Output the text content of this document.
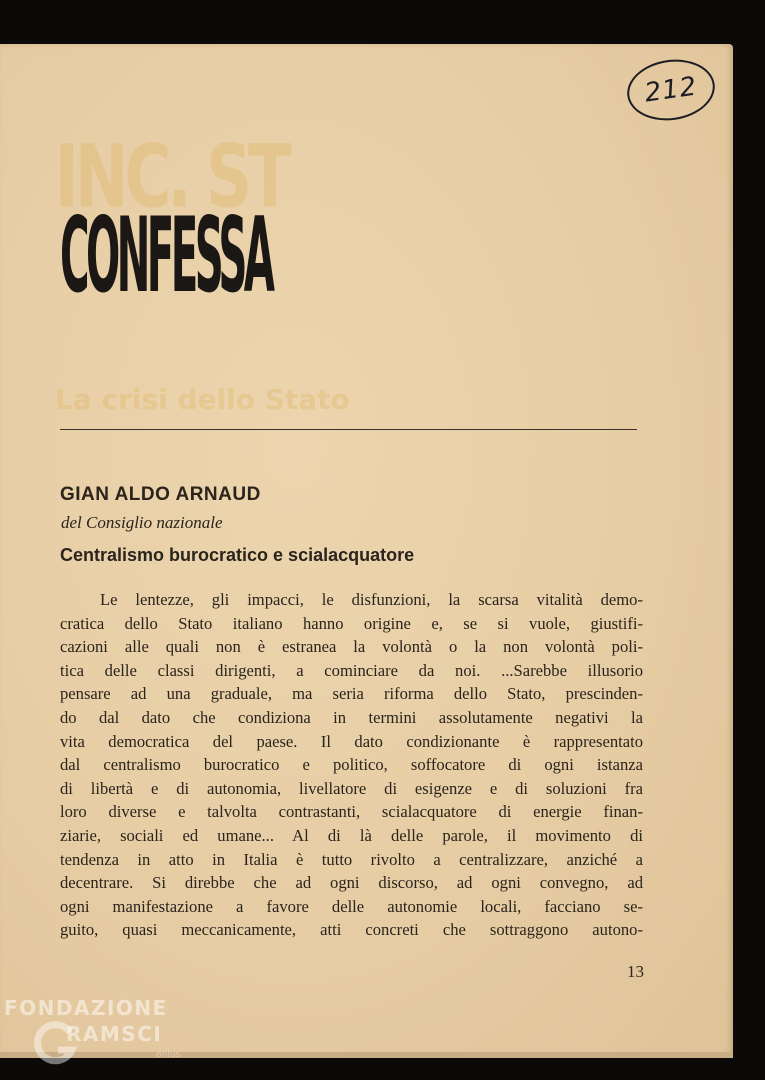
212
INC. ST
CONFESSA
La crisi dello Stato
GIAN ALDO ARNAUD
del Consiglio nazionale
Centralismo burocratico e scialacquatore
Le lentezze, gli impacci, le disfunzioni, la scarsa vitalità demo-
cratica dello Stato italiano hanno origine e, se si vuole, giustifi-
cazioni alle quali non è estranea la volontà o la non volontà poli-
tica delle classi dirigenti, a cominciare da noi. ...Sarebbe illusorio
pensare ad una graduale, ma seria riforma dello Stato, prescinden-
do dal dato che condiziona in termini assolutamente negativi la
vita democratica del paese. Il dato condizionante è rappresentato
dal centralismo burocratico e politico, soffocatore di ogni istanza
di libertà e di autonomia, livellatore di esigenze e di soluzioni fra
loro diverse e talvolta contrastanti, scialacquatore di energie finan-
ziarie, sociali ed umane... Al di là delle parole, il movimento di
tendenza in atto in Italia è tutto rivolto a centralizzare, anziché a
decentrare. Si direbbe che ad ogni discorso, ad ogni convegno, ad
ogni manifestazione a favore delle autonomie locali, facciano se-
guito, quasi meccanicamente, atti concreti che sottraggono autono-
13
FONDAZIONE
RAMSCI
onlus
